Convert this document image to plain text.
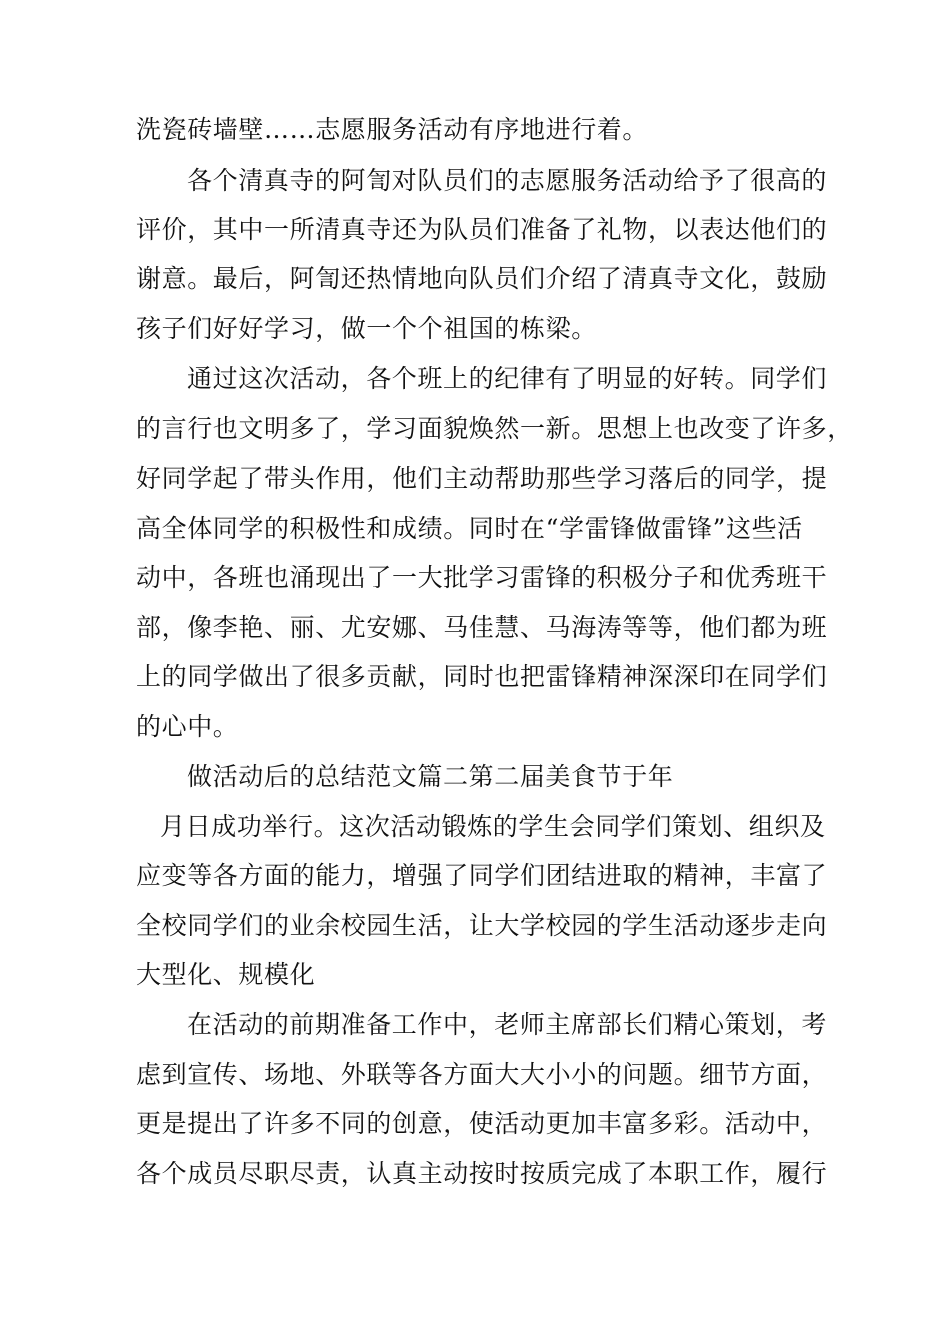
洗瓷砖墙壁……志愿服务活动有序地进行着。
各个清真寺的阿訇对队员们的志愿服务活动给予了很高的
评价，其中一所清真寺还为队员们准备了礼物，以表达他们的
谢意。最后，阿訇还热情地向队员们介绍了清真寺文化，鼓励
孩子们好好学习，做一个个祖国的栋梁。
通过这次活动，各个班上的纪律有了明显的好转。同学们
的言行也文明多了，学习面貌焕然一新。思想上也改变了许多，
好同学起了带头作用，他们主动帮助那些学习落后的同学，提
高全体同学的积极性和成绩。同时在“学雷锋做雷锋”这些活
动中，各班也涌现出了一大批学习雷锋的积极分子和优秀班干
部，像李艳、丽、尤安娜、马佳慧、马海涛等等，他们都为班
上的同学做出了很多贡献，同时也把雷锋精神深深印在同学们
的心中。
做活动后的总结范文篇二第二届美食节于年
月日成功举行。这次活动锻炼的学生会同学们策划、组织及
应变等各方面的能力，增强了同学们团结进取的精神，丰富了
全校同学们的业余校园生活，让大学校园的学生活动逐步走向
大型化、规模化
在活动的前期准备工作中，老师主席部长们精心策划，考
虑到宣传、场地、外联等各方面大大小小的问题。细节方面，
更是提出了许多不同的创意，使活动更加丰富多彩。活动中，
各个成员尽职尽责，认真主动按时按质完成了本职工作，履行
